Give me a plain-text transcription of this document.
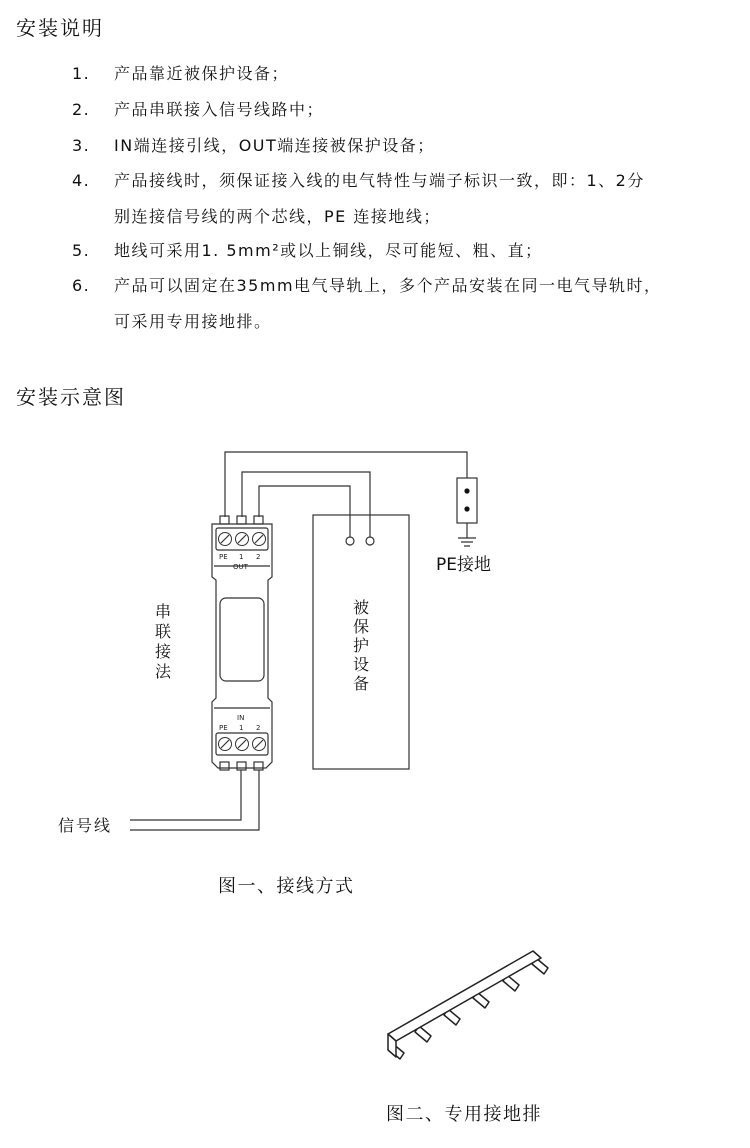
安装说明
1. 产品靠近被保护设备；
2. 产品串联接入信号线路中；
3. IN端连接引线，OUT端连接被保护设备；
4. 产品接线时，须保证接入线的电气特性与端子标识一致，即：1、2分
别连接信号线的两个芯线，PE 连接地线；
5. 地线可采用1. 5mm²或以上铜线，尽可能短、粗、直；
6. 产品可以固定在35mm电气导轨上，多个产品安装在同一电气导轨时，
可采用专用接地排。
安装示意图
PE 1 2
OUT
IN
PE 1 2
串
联
接
法
被
保
护
设
备
PE接地
信号线
图一、接线方式
图二、专用接地排
